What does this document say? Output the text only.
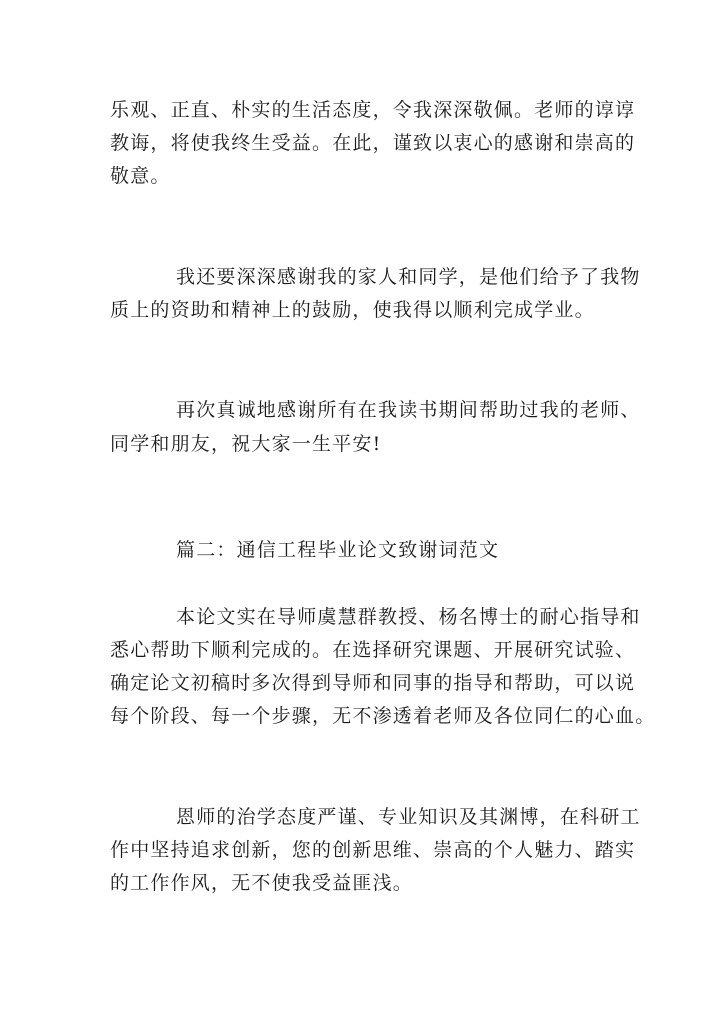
乐观、正直、朴实的生活态度，令我深深敬佩。老师的谆谆
教诲，将使我终生受益。在此，谨致以衷心的感谢和崇高的
敬意。
我还要深深感谢我的家人和同学，是他们给予了我物
质上的资助和精神上的鼓励，使我得以顺利完成学业。
再次真诚地感谢所有在我读书期间帮助过我的老师、
同学和朋友，祝大家一生平安!
篇二：通信工程毕业论文致谢词范文
本论文实在导师虞慧群教授、杨名博士的耐心指导和
悉心帮助下顺利完成的。在选择研究课题、开展研究试验、
确定论文初稿时多次得到导师和同事的指导和帮助，可以说
每个阶段、每一个步骤，无不渗透着老师及各位同仁的心血。
恩师的治学态度严谨、专业知识及其渊博，在科研工
作中坚持追求创新，您的创新思维、崇高的个人魅力、踏实
的工作作风，无不使我受益匪浅。
